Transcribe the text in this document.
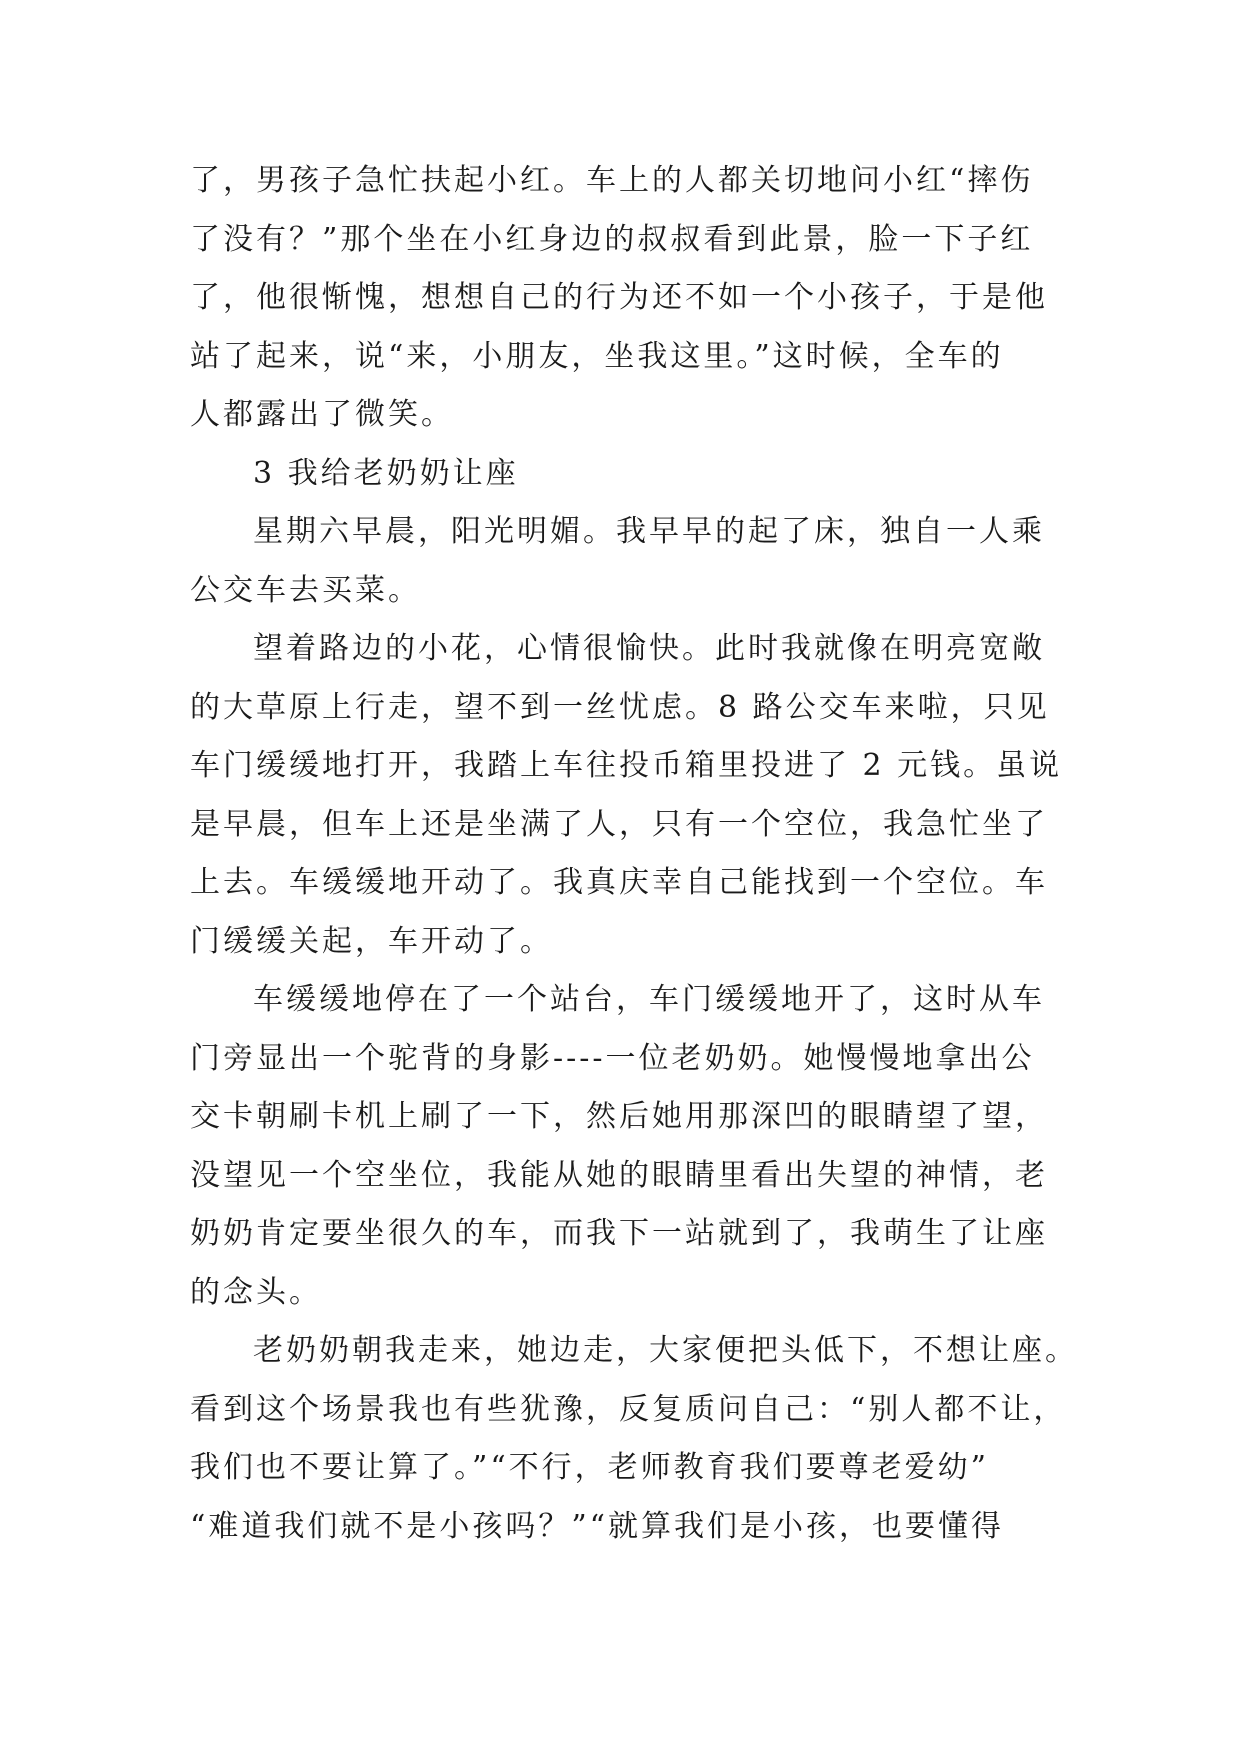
了，男孩子急忙扶起小红。车上的人都关切地问小红“摔伤
了没有？”那个坐在小红身边的叔叔看到此景，脸一下子红
了，他很惭愧，想想自己的行为还不如一个小孩子，于是他
站了起来，说“来，小朋友，坐我这里。”这时候，全车的
人都露出了微笑。
3 我给老奶奶让座
星期六早晨，阳光明媚。我早早的起了床，独自一人乘
公交车去买菜。
望着路边的小花，心情很愉快。此时我就像在明亮宽敞
的大草原上行走，望不到一丝忧虑。8 路公交车来啦，只见
车门缓缓地打开，我踏上车往投币箱里投进了 2 元钱。虽说
是早晨，但车上还是坐满了人，只有一个空位，我急忙坐了
上去。车缓缓地开动了。我真庆幸自己能找到一个空位。车
门缓缓关起，车开动了。
车缓缓地停在了一个站台，车门缓缓地开了，这时从车
门旁显出一个驼背的身影----一位老奶奶。她慢慢地拿出公
交卡朝刷卡机上刷了一下，然后她用那深凹的眼睛望了望，
没望见一个空坐位，我能从她的眼睛里看出失望的神情，老
奶奶肯定要坐很久的车，而我下一站就到了，我萌生了让座
的念头。
老奶奶朝我走来，她边走，大家便把头低下，不想让座。
看到这个场景我也有些犹豫，反复质问自己：“别人都不让，
我们也不要让算了。”“不行，老师教育我们要尊老爱幼”
“难道我们就不是小孩吗？”“就算我们是小孩，也要懂得
